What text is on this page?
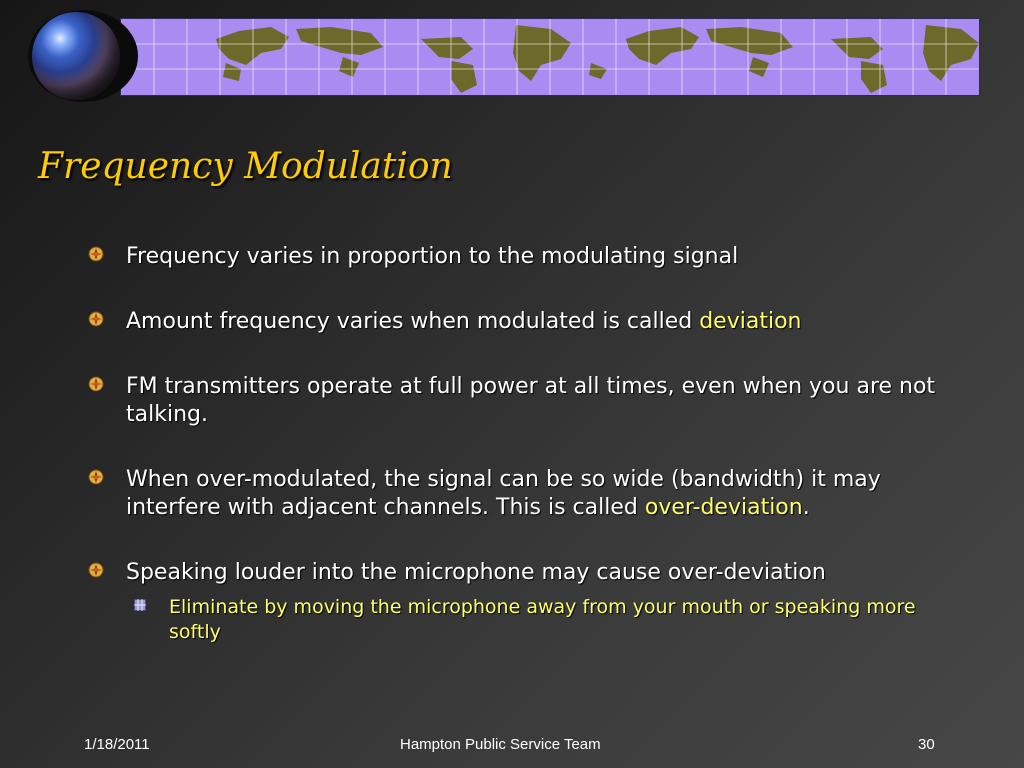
Frequency Modulation
Frequency varies in proportion to the modulating signal
Amount frequency varies when modulated is called deviation
FM transmitters operate at full power at all times, even when you are not talking.
When over-modulated, the signal can be so wide (bandwidth) it may interfere with adjacent channels. This is called over-deviation.
Speaking louder into the microphone may cause over-deviation
Eliminate by moving the microphone away from your mouth or speaking more softly
1/18/2011	Hampton Public Service Team	30
